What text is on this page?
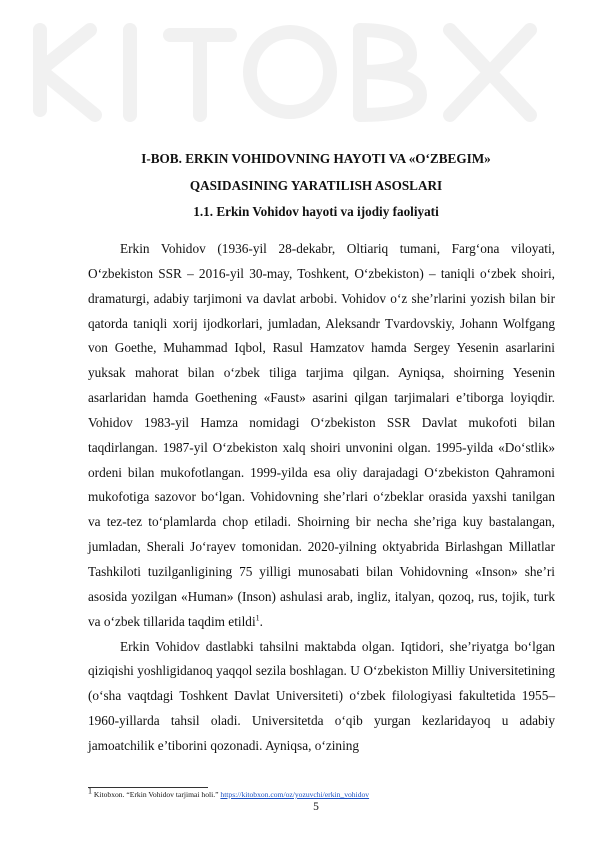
I-BOB. ERKIN VOHIDOVNING HAYOTI VA «O‘ZBEGIM»
QASIDASINING YARATILISH ASOSLARI
1.1. Erkin Vohidov hayoti va ijodiy faoliyati

Erkin Vohidov (1936-yil 28-dekabr, Oltiariq tumani, Farg‘ona viloyati, O‘zbekiston SSR – 2016-yil 30-may, Toshkent, O‘zbekiston) – taniqli o‘zbek shoiri, dramaturgi, adabiy tarjimoni va davlat arbobi. Vohidov o‘z she’rlarini yozish bilan bir qatorda taniqli xorij ijodkorlari, jumladan, Aleksandr Tvardovskiy, Johann Wolfgang von Goethe, Muhammad Iqbol, Rasul Hamzatov hamda Sergey Yesenin asarlarini yuksak mahorat bilan o‘zbek tiliga tarjima qilgan. Ayniqsa, shoirning Yesenin asarlaridan hamda Goethening «Faust» asarini qilgan tarjimalari e’tiborga loyiqdir. Vohidov 1983-yil Hamza nomidagi O‘zbekiston SSR Davlat mukofoti bilan taqdirlangan. 1987-yil O‘zbekiston xalq shoiri unvonini olgan. 1995-yilda «Do‘stlik» ordeni bilan mukofotlangan. 1999-yilda esa oliy darajadagi O‘zbekiston Qahramoni mukofotiga sazovor bo‘lgan. Vohidovning she’rlari o‘zbeklar orasida yaxshi tanilgan va tez-tez to‘plamlarda chop etiladi. Shoirning bir necha she’riga kuy bastalangan, jumladan, Sherali Jo‘rayev tomonidan. 2020-yilning oktyabrida Birlashgan Millatlar Tashkiloti tuzilganligining 75 yilligi munosabati bilan Vohidovning «Inson» she’ri asosida yozilgan «Human» (Inson) ashulasi arab, ingliz, italyan, qozoq, rus, tojik, turk va o‘zbek tillarida taqdim etildi$^1$.

Erkin Vohidov dastlabki tahsilni maktabda olgan. Iqtidori, she’riyatga bo‘lgan qiziqishi yoshligidanoq yaqqol sezila boshlagan. U O‘zbekiston Milliy Universitetining (o‘sha vaqtdagi Toshkent Davlat Universiteti) o‘zbek filologiyasi fakultetida 1955–1960-yillarda tahsil oladi. Universitetda o‘qib yurgan kezlaridayoq u adabiy jamoatchilik e’tiborini qozonadi. Ayniqsa, o‘zining

$^1$ Kitobxon. “Erkin Vohidov tarjimai holi.” https://kitobxon.com/oz/yozuvchi/erkin_vohidov
5
